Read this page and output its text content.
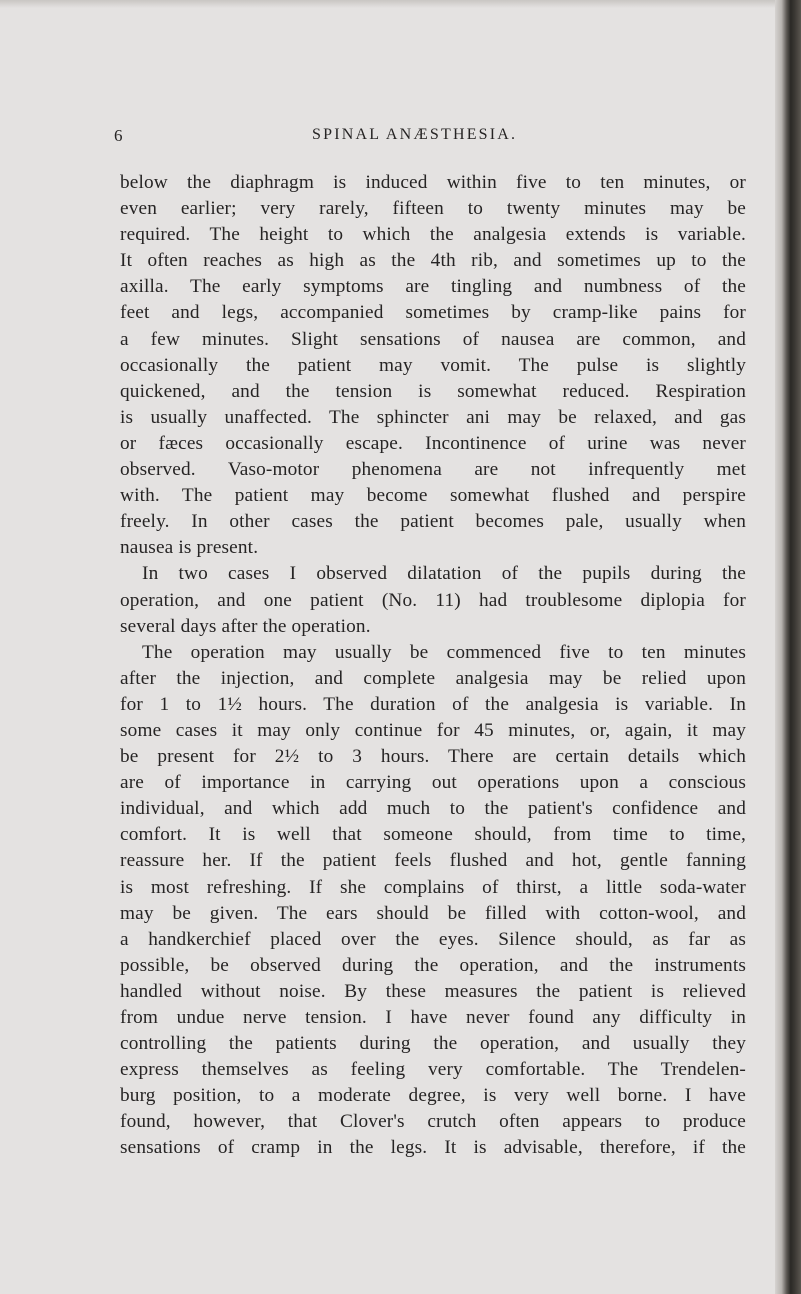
6	SPINAL ANÆSTHESIA.
below the diaphragm is induced within five to ten minutes, or
even earlier; very rarely, fifteen to twenty minutes may be
required. The height to which the analgesia extends is variable.
It often reaches as high as the 4th rib, and sometimes up to the
axilla. The early symptoms are tingling and numbness of the
feet and legs, accompanied sometimes by cramp-like pains for
a few minutes. Slight sensations of nausea are common, and
occasionally the patient may vomit. The pulse is slightly
quickened, and the tension is somewhat reduced. Respiration
is usually unaffected. The sphincter ani may be relaxed, and gas
or fæces occasionally escape. Incontinence of urine was never
observed. Vaso-motor phenomena are not infrequently met
with. The patient may become somewhat flushed and perspire
freely. In other cases the patient becomes pale, usually when
nausea is present.
In two cases I observed dilatation of the pupils during the
operation, and one patient (No. 11) had troublesome diplopia for
several days after the operation.
The operation may usually be commenced five to ten minutes
after the injection, and complete analgesia may be relied upon
for 1 to 1½ hours. The duration of the analgesia is variable. In
some cases it may only continue for 45 minutes, or, again, it may
be present for 2½ to 3 hours. There are certain details which
are of importance in carrying out operations upon a conscious
individual, and which add much to the patient's confidence and
comfort. It is well that someone should, from time to time,
reassure her. If the patient feels flushed and hot, gentle fanning
is most refreshing. If she complains of thirst, a little soda-water
may be given. The ears should be filled with cotton-wool, and
a handkerchief placed over the eyes. Silence should, as far as
possible, be observed during the operation, and the instruments
handled without noise. By these measures the patient is relieved
from undue nerve tension. I have never found any difficulty in
controlling the patients during the operation, and usually they
express themselves as feeling very comfortable. The Trendelen-
burg position, to a moderate degree, is very well borne. I have
found, however, that Clover's crutch often appears to produce
sensations of cramp in the legs. It is advisable, therefore, if the
